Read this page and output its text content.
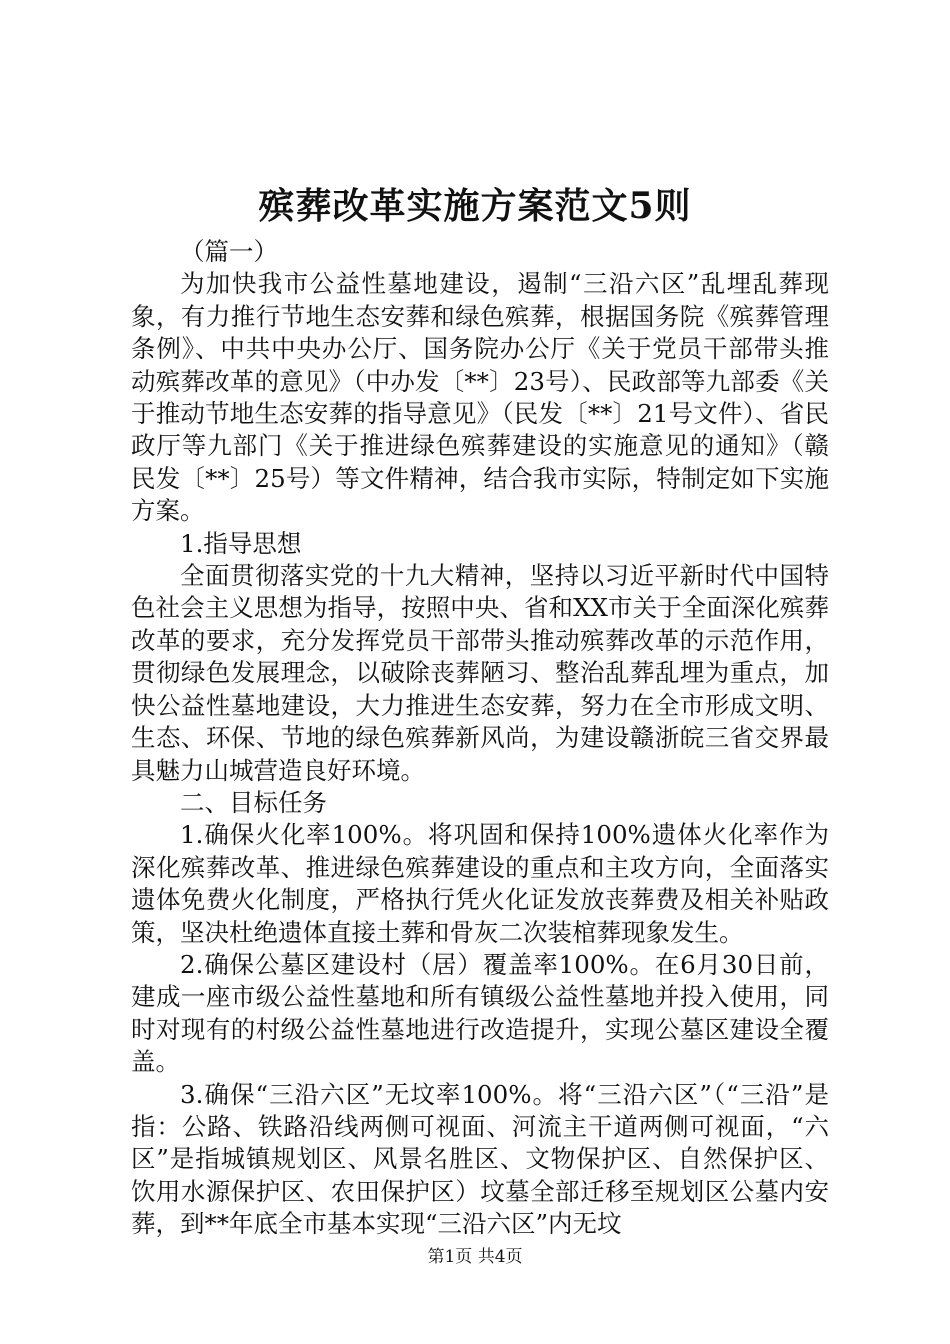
殡葬改革实施方案范文5则

（篇一）

为加快我市公益性墓地建设，遏制“三沿六区”乱埋乱葬现象，有力推行节地生态安葬和绿色殡葬，根据国务院《殡葬管理条例》、中共中央办公厅、国务院办公厅《关于党员干部带头推动殡葬改革的意见》（中办发〔**〕23号）、民政部等九部委《关于推动节地生态安葬的指导意见》（民发〔**〕21号文件）、省民政厅等九部门《关于推进绿色殡葬建设的实施意见的通知》（赣民发〔**〕25号）等文件精神，结合我市实际，特制定如下实施方案。

1.指导思想

全面贯彻落实党的十九大精神，坚持以习近平新时代中国特色社会主义思想为指导，按照中央、省和XX市关于全面深化殡葬改革的要求，充分发挥党员干部带头推动殡葬改革的示范作用，贯彻绿色发展理念，以破除丧葬陋习、整治乱葬乱埋为重点，加快公益性墓地建设，大力推进生态安葬，努力在全市形成文明、生态、环保、节地的绿色殡葬新风尚，为建设赣浙皖三省交界最具魅力山城营造良好环境。

二、目标任务

1.确保火化率100%。将巩固和保持100%遗体火化率作为深化殡葬改革、推进绿色殡葬建设的重点和主攻方向，全面落实遗体免费火化制度，严格执行凭火化证发放丧葬费及相关补贴政策，坚决杜绝遗体直接土葬和骨灰二次装棺葬现象发生。

2.确保公墓区建设村（居）覆盖率100%。在6月30日前，建成一座市级公益性墓地和所有镇级公益性墓地并投入使用，同时对现有的村级公益性墓地进行改造提升，实现公墓区建设全覆盖。

3.确保“三沿六区”无坟率100%。将“三沿六区”（“三沿”是指：公路、铁路沿线两侧可视面、河流主干道两侧可视面，“六区”是指城镇规划区、风景名胜区、文物保护区、自然保护区、饮用水源保护区、农田保护区）坟墓全部迁移至规划区公墓内安葬，到**年底全市基本实现“三沿六区”内无坟

第1页 共4页
